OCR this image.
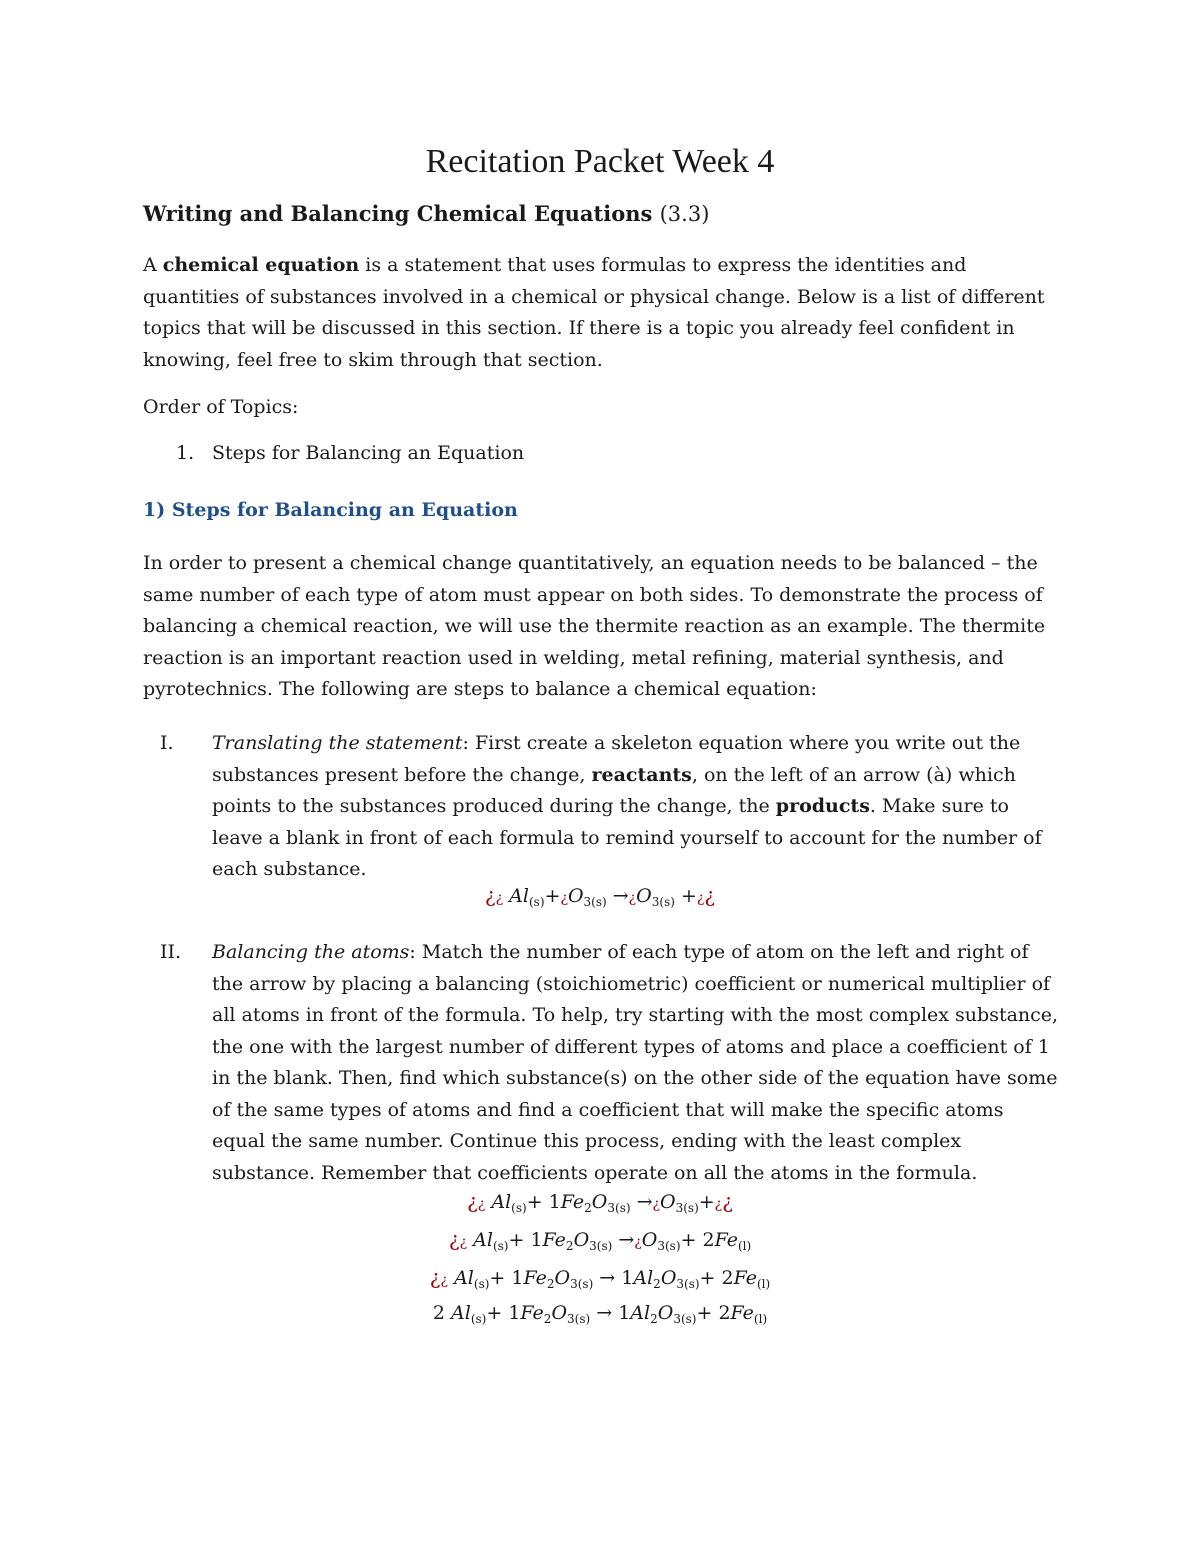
Recitation Packet Week 4
Writing and Balancing Chemical Equations (3.3)

A chemical equation is a statement that uses formulas to express the identities and quantities of substances involved in a chemical or physical change. Below is a list of different topics that will be discussed in this section. If there is a topic you already feel confident in knowing, feel free to skim through that section.

Order of Topics:

1. Steps for Balancing an Equation
1) Steps for Balancing an Equation

In order to present a chemical change quantitatively, an equation needs to be balanced – the same number of each type of atom must appear on both sides. To demonstrate the process of balancing a chemical reaction, we will use the thermite reaction as an example. The thermite reaction is an important reaction used in welding, metal refining, material synthesis, and pyrotechnics. The following are steps to balance a chemical equation:

I. Translating the statement: First create a skeleton equation where you write out the substances present before the change, reactants, on the left of an arrow (à) which points to the substances produced during the change, the products. Make sure to leave a blank in front of each formula to remind yourself to account for the number of each substance.

¿¿ $Al_{(s)}+¿O_{3(s)}$ $\to¿O_{3(s)}$ +¿¿
II. Balancing the atoms: Match the number of each type of atom on the left and right of the arrow by placing a balancing (stoichiometric) coefficient or numerical multiplier of all atoms in front of the formula. To help, try starting with the most complex substance, the one with the largest number of different types of atoms and place a coefficient of 1 in the blank. Then, find which substance(s) on the other side of the equation have some of the same types of atoms and find a coefficient that will make the specific atoms equal the same number. Continue this process, ending with the least complex substance. Remember that coefficients operate on all the atoms in the formula.

¿¿ $Al_{(s)}+ 1Fe_2O_{3(s)}$ $\to¿O_{3(s)}+¿¿$
¿¿ $Al_{(s)}+ 1Fe_2O_{3(s)}$ $\to¿O_{3(s)}+ 2Fe_{(l)}$
¿¿ $Al_{(s)}+ 1Fe_2O_{3(s)} \to 1Al_2O_{3(s)}+ 2Fe_{(l)}$
2 $Al_{(s)}+ 1Fe_2O_{3(s)} \to 1Al_2O_{3(s)}+ 2Fe_{(l)}$
